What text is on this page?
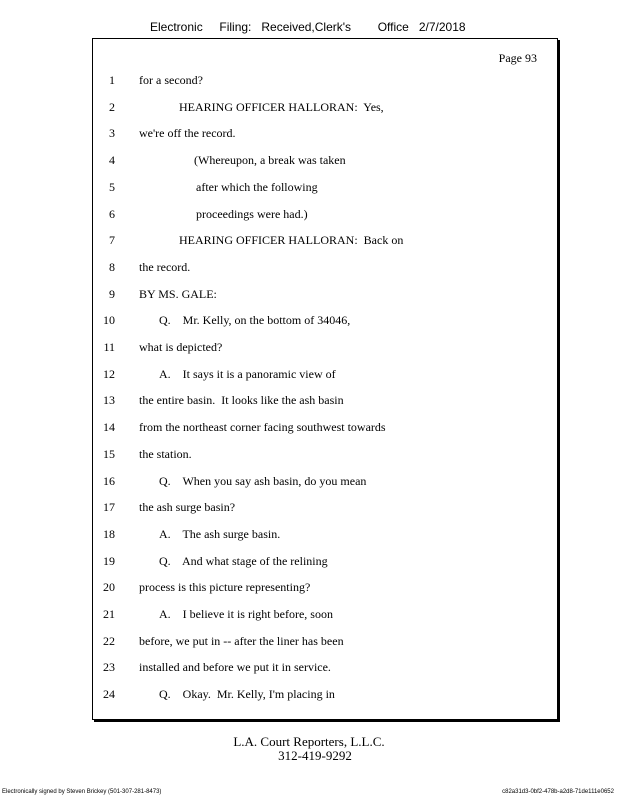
Electronic Filing: Received,Clerk's Office 2/7/2018
Page 93
1 for a second?
2	HEARING OFFICER HALLORAN:  Yes,
3 we're off the record.
4	(Whereupon, a break was taken
5	after which the following
6	proceedings were had.)
7	HEARING OFFICER HALLORAN:  Back on
8 the record.
9 BY MS. GALE:
10	Q.    Mr. Kelly, on the bottom of 34046,
11 what is depicted?
12	A.    It says it is a panoramic view of
13 the entire basin.  It looks like the ash basin
14 from the northeast corner facing southwest towards
15 the station.
16	Q.    When you say ash basin, do you mean
17 the ash surge basin?
18	A.    The ash surge basin.
19	Q.    And what stage of the relining
20 process is this picture representing?
21	A.    I believe it is right before, soon
22 before, we put in -- after the liner has been
23 installed and before we put it in service.
24	Q.    Okay.  Mr. Kelly, I'm placing in
L.A. Court Reporters, L.L.C.
312-419-9292
Electronically signed by Steven Brickey (501-307-281-8473)	c82a31d3-0bf2-478b-a2d8-71de111e0652
